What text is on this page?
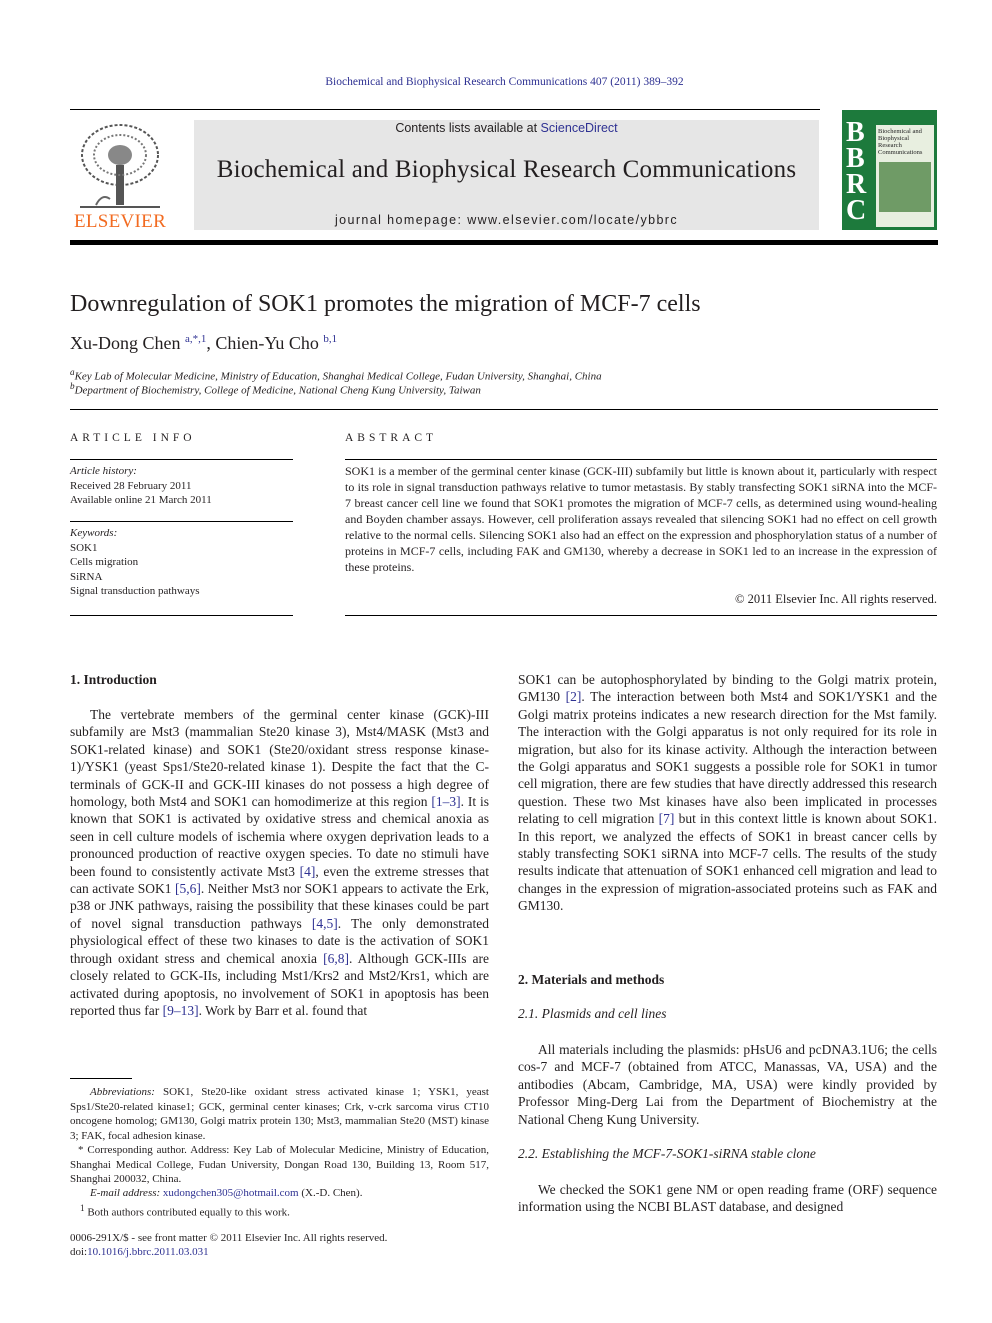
Biochemical and Biophysical Research Communications 407 (2011) 389–392
ELSEVIER
Contents lists available at ScienceDirect
Biochemical and Biophysical Research Communications
journal homepage: www.elsevier.com/locate/ybbrc
B B R C
Biochemical and Biophysical Research Communications
Downregulation of SOK1 promotes the migration of MCF-7 cells
Xu-Dong Chen $^{a,*,1}$, Chien-Yu Cho $^{b,1}$
$^a$Key Lab of Molecular Medicine, Ministry of Education, Shanghai Medical College, Fudan University, Shanghai, China
$^b$Department of Biochemistry, College of Medicine, National Cheng Kung University, Taiwan
ARTICLE INFO
Article history:
Received 28 February 2011
Available online 21 March 2011
Keywords:
SOK1
Cells migration
SiRNA
Signal transduction pathways
ABSTRACT
SOK1 is a member of the germinal center kinase (GCK-III) subfamily but little is known about it, particularly with respect to its role in signal transduction pathways relative to tumor metastasis. By stably transfecting SOK1 siRNA into the MCF-7 breast cancer cell line we found that SOK1 promotes the migration of MCF-7 cells, as determined using wound-healing and Boyden chamber assays. However, cell proliferation assays revealed that silencing SOK1 had no effect on cell growth relative to the normal cells. Silencing SOK1 also had an effect on the expression and phosphorylation status of a number of proteins in MCF-7 cells, including FAK and GM130, whereby a decrease in SOK1 led to an increase in the expression of these proteins.
© 2011 Elsevier Inc. All rights reserved.
1. Introduction
The vertebrate members of the germinal center kinase (GCK)-III subfamily are Mst3 (mammalian Ste20 kinase 3), Mst4/MASK (Mst3 and SOK1-related kinase) and SOK1 (Ste20/oxidant stress response kinase-1)/YSK1 (yeast Sps1/Ste20-related kinase 1). Despite the fact that the C-terminals of GCK-II and GCK-III kinases do not possess a high degree of homology, both Mst4 and SOK1 can homodimerize at this region [1–3]. It is known that SOK1 is activated by oxidative stress and chemical anoxia as seen in cell culture models of ischemia where oxygen deprivation leads to a pronounced production of reactive oxygen species. To date no stimuli have been found to consistently activate Mst3 [4], even the extreme stresses that can activate SOK1 [5,6]. Neither Mst3 nor SOK1 appears to activate the Erk, p38 or JNK pathways, raising the possibility that these kinases could be part of novel signal transduction pathways [4,5]. The only demonstrated physiological effect of these two kinases to date is the activation of SOK1 through oxidant stress and chemical anoxia [6,8]. Although GCK-IIIs are closely related to GCK-IIs, including Mst1/Krs2 and Mst2/Krs1, which are activated during apoptosis, no involvement of SOK1 in apoptosis has been reported thus far [9–13]. Work by Barr et al. found that
Abbreviations: SOK1, Ste20-like oxidant stress activated kinase 1; YSK1, yeast Sps1/Ste20-related kinase1; GCK, germinal center kinases; Crk, v-crk sarcoma virus CT10 oncogene homolog; GM130, Golgi matrix protein 130; Mst3, mammalian Ste20 (MST) kinase 3; FAK, focal adhesion kinase.
* Corresponding author. Address: Key Lab of Molecular Medicine, Ministry of Education, Shanghai Medical College, Fudan University, Dongan Road 130, Building 13, Room 517, Shanghai 200032, China.
E-mail address: xudongchen305@hotmail.com (X.-D. Chen).
$^1$ Both authors contributed equally to this work.
0006-291X/$ - see front matter © 2011 Elsevier Inc. All rights reserved.
doi:10.1016/j.bbrc.2011.03.031
SOK1 can be autophosphorylated by binding to the Golgi matrix protein, GM130 [2]. The interaction between both Mst4 and SOK1/YSK1 and the Golgi matrix proteins indicates a new research direction for the Mst family. The interaction with the Golgi apparatus is not only required for its role in migration, but also for its kinase activity. Although the interaction between the Golgi apparatus and SOK1 suggests a possible role for SOK1 in tumor cell migration, there are few studies that have directly addressed this research question. These two Mst kinases have also been implicated in processes relating to cell migration [7] but in this context little is known about SOK1. In this report, we analyzed the effects of SOK1 in breast cancer cells by stably transfecting SOK1 siRNA into MCF-7 cells. The results of the study results indicate that attenuation of SOK1 enhanced cell migration and lead to changes in the expression of migration-associated proteins such as FAK and GM130.
2. Materials and methods
2.1. Plasmids and cell lines
All materials including the plasmids: pHsU6 and pcDNA3.1U6; the cells cos-7 and MCF-7 (obtained from ATCC, Manassas, VA, USA) and the antibodies (Abcam, Cambridge, MA, USA) were kindly provided by Professor Ming-Derg Lai from the Department of Biochemistry at the National Cheng Kung University.
2.2. Establishing the MCF-7-SOK1-siRNA stable clone
We checked the SOK1 gene NM or open reading frame (ORF) sequence information using the NCBI BLAST database, and designed
